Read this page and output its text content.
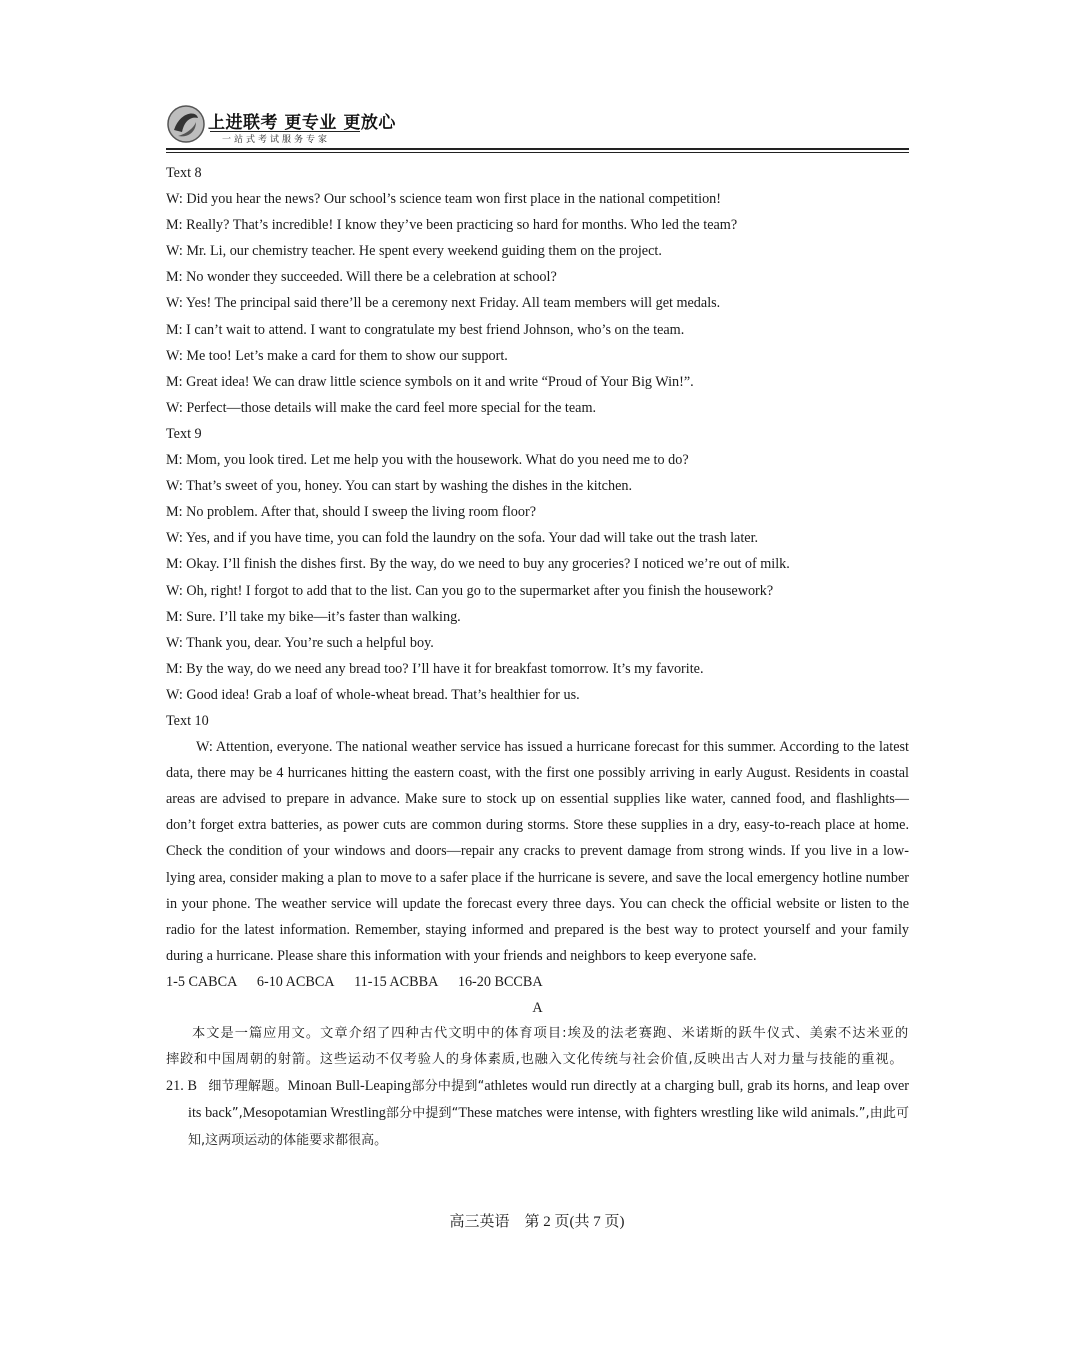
上进联考 更专业 更放心
一站式考试服务专家
Text 8
W: Did you hear the news? Our school’s science team won first place in the national competition!
M: Really? That’s incredible! I know they’ve been practicing so hard for months. Who led the team?
W: Mr. Li, our chemistry teacher. He spent every weekend guiding them on the project.
M: No wonder they succeeded. Will there be a celebration at school?
W: Yes! The principal said there’ll be a ceremony next Friday. All team members will get medals.
M: I can’t wait to attend. I want to congratulate my best friend Johnson, who’s on the team.
W: Me too! Let’s make a card for them to show our support.
M: Great idea! We can draw little science symbols on it and write “Proud of Your Big Win!”.
W: Perfect—those details will make the card feel more special for the team.
Text 9
M: Mom, you look tired. Let me help you with the housework. What do you need me to do?
W: That’s sweet of you, honey. You can start by washing the dishes in the kitchen.
M: No problem. After that, should I sweep the living room floor?
W: Yes, and if you have time, you can fold the laundry on the sofa. Your dad will take out the trash later.
M: Okay. I’ll finish the dishes first. By the way, do we need to buy any groceries? I noticed we’re out of milk.
W: Oh, right! I forgot to add that to the list. Can you go to the supermarket after you finish the housework?
M: Sure. I’ll take my bike—it’s faster than walking.
W: Thank you, dear. You’re such a helpful boy.
M: By the way, do we need any bread too? I’ll have it for breakfast tomorrow. It’s my favorite.
W: Good idea! Grab a loaf of whole-wheat bread. That’s healthier for us.
Text 10
W: Attention, everyone. The national weather service has issued a hurricane forecast for this summer. According to the latest data, there may be 4 hurricanes hitting the eastern coast, with the first one possibly arriving in early August. Residents in coastal areas are advised to prepare in advance. Make sure to stock up on essential supplies like water, canned food, and flashlights—don’t forget extra batteries, as power cuts are common during storms. Store these supplies in a dry, easy-to-reach place at home. Check the condition of your windows and doors—repair any cracks to prevent damage from strong winds. If you live in a low-lying area, consider making a plan to move to a safer place if the hurricane is severe, and save the local emergency hotline number in your phone. The weather service will update the forecast every three days. You can check the official website or listen to the radio for the latest information. Remember, staying informed and prepared is the best way to protect yourself and your family during a hurricane. Please share this information with your friends and neighbors to keep everyone safe.
1-5 CABCA 6-10 ACBCA 11-15 ACBBA 16-20 BCCBA
A
本文是一篇应用文。文章介绍了四种古代文明中的体育项目:埃及的法老赛跑、米诺斯的跃牛仪式、美索不达米亚的摔跤和中国周朝的射箭。这些运动不仅考验人的身体素质,也融入文化传统与社会价值,反映出古人对力量与技能的重视。
21. B 细节理解题。Minoan Bull-Leaping部分中提到“athletes would run directly at a charging bull, grab its horns, and leap over its back”,Mesopotamian Wrestling部分中提到“These matches were intense, with fighters wrestling like wild animals.”,由此可知,这两项运动的体能要求都很高。
高三英语　第 2 页(共 7 页)
